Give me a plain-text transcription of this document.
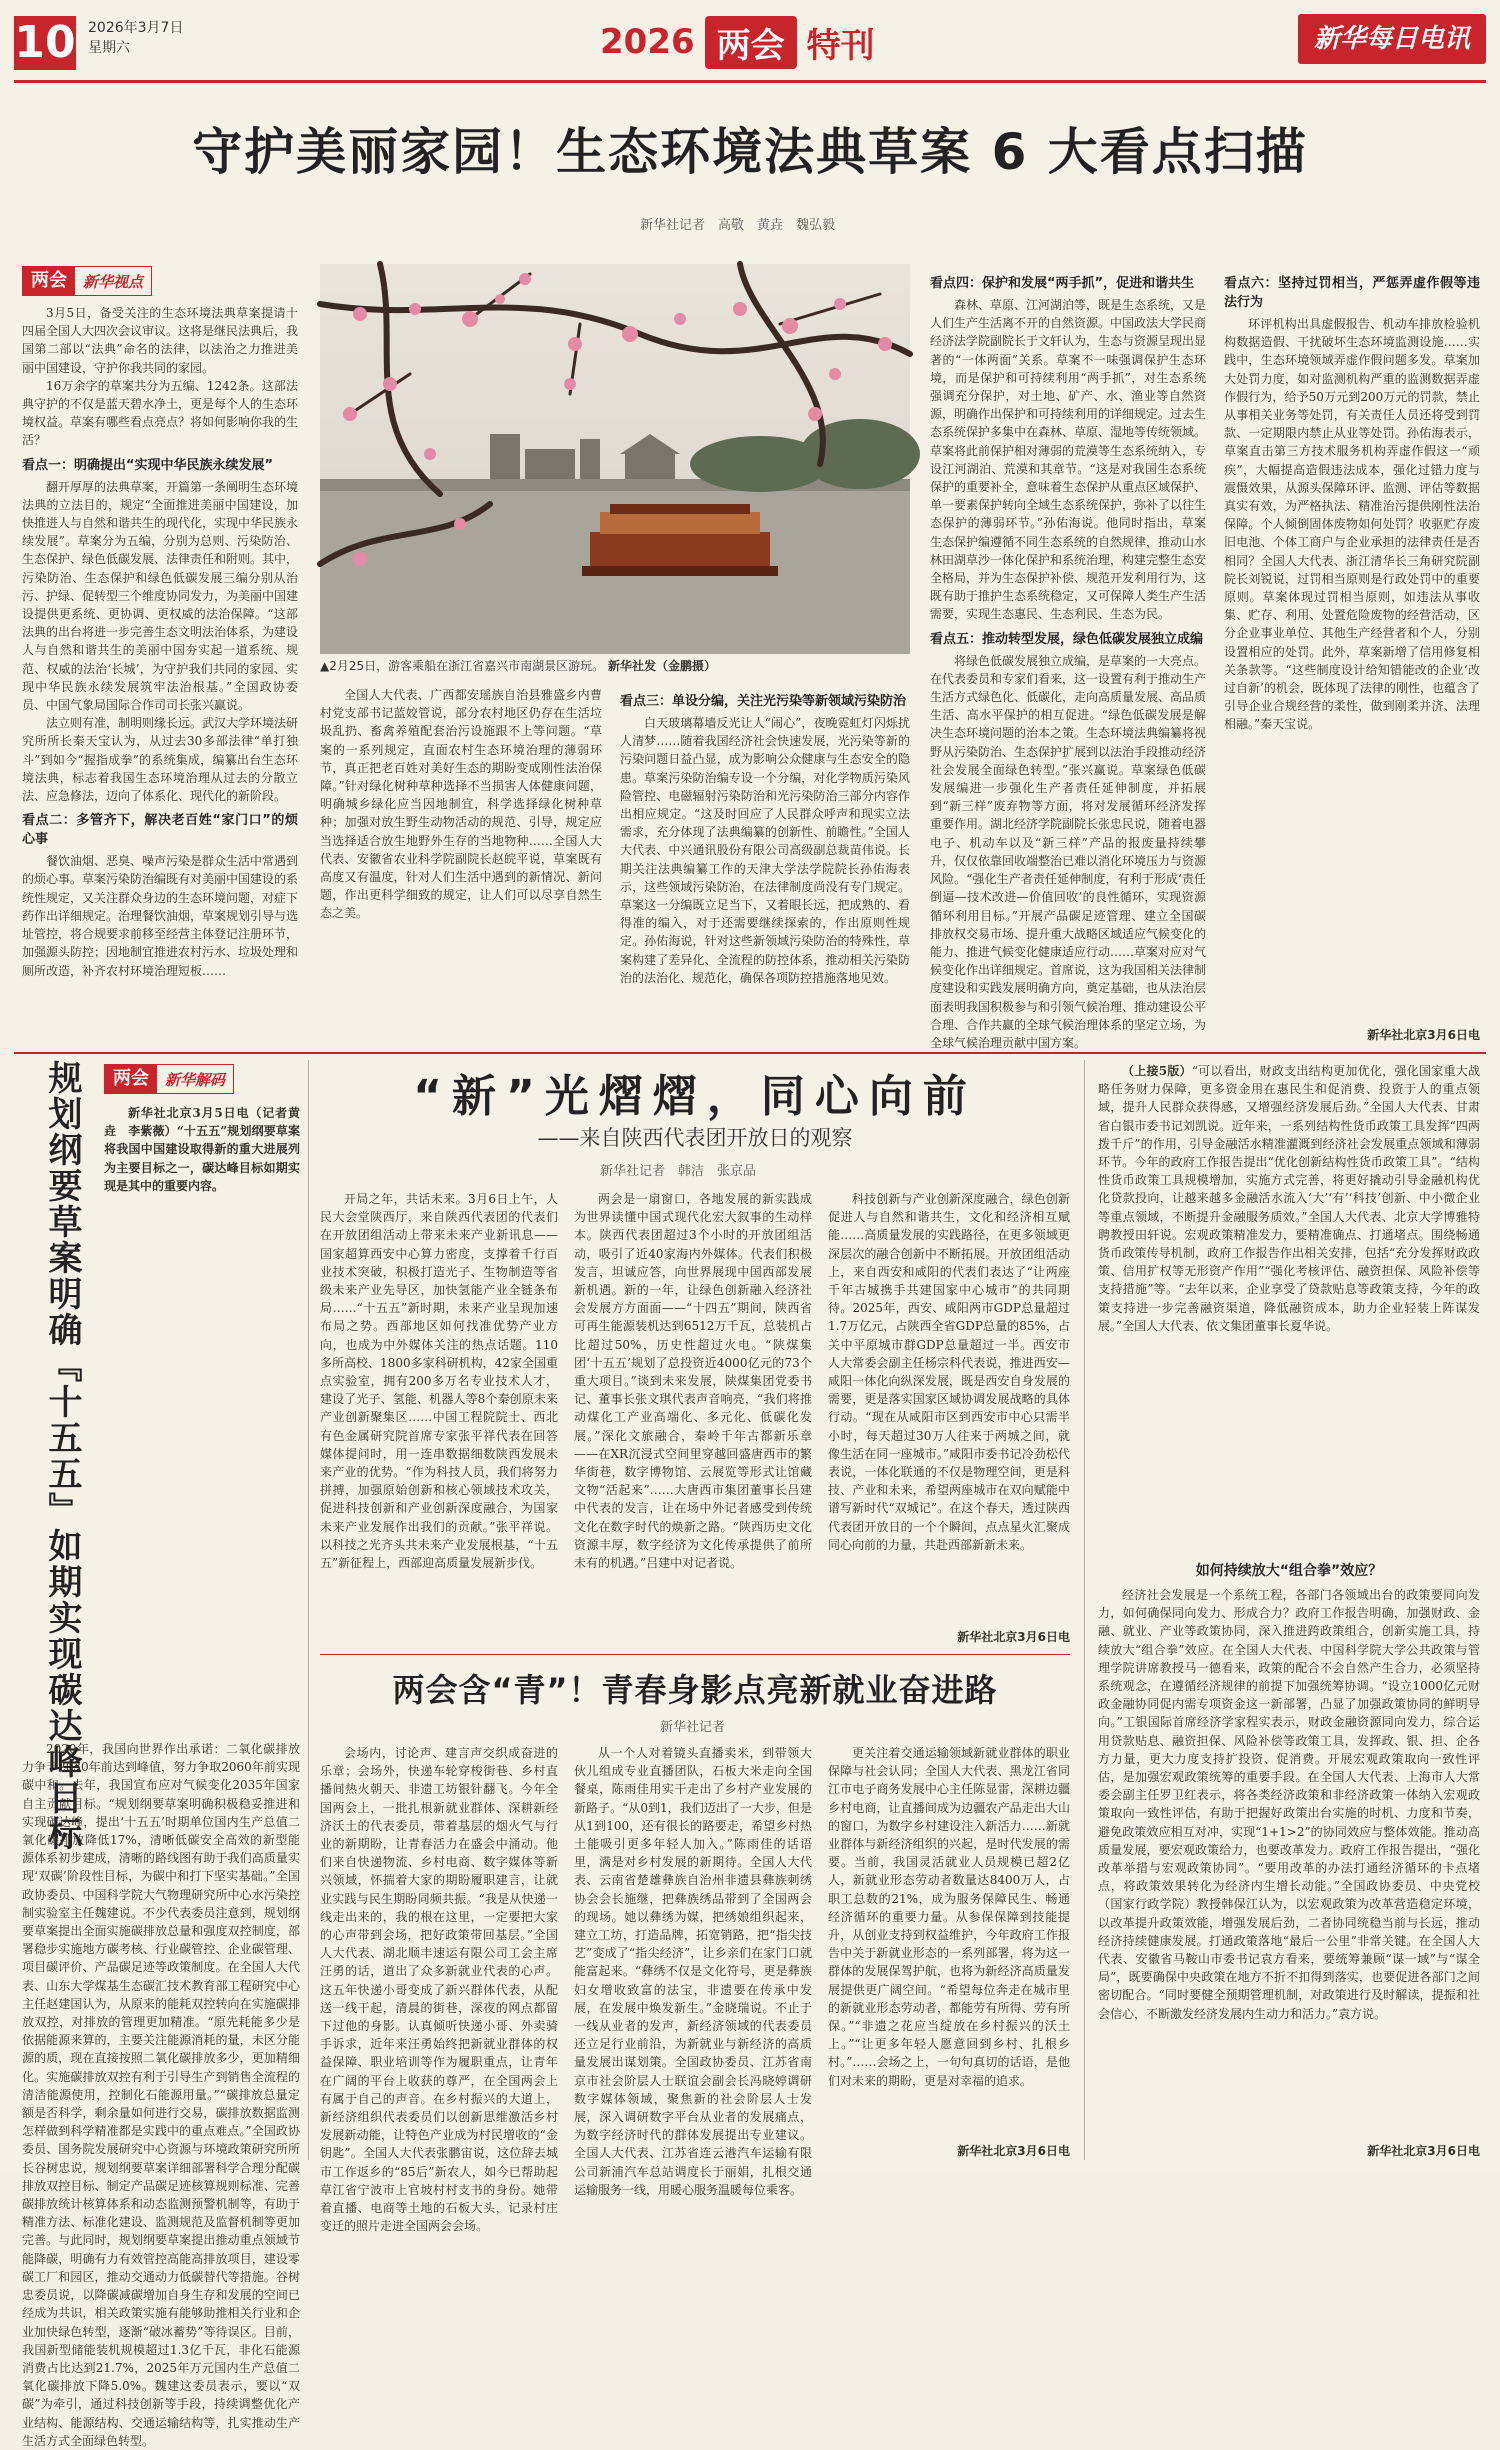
10 2026年3月7日
星期六	2026 两会 特刊	新华每日电讯
守护美丽家园！生态环境法典草案 6 大看点扫描
新华社记者　高敬　黄垚　魏弘毅
两会	新华视点

3月5日，备受关注的生态环境法典草案提请十四届全国人大四次会议审议。这将是继民法典后，我国第二部以“法典”命名的法律，以法治之力推进美丽中国建设，守护你我共同的家园。

16万余字的草案共分为五编、1242条。这部法典守护的不仅是蓝天碧水净土，更是每个人的生态环境权益。草案有哪些看点亮点？将如何影响你我的生活？

看点一：明确提出“实现中华民族永续发展”

翻开厚厚的法典草案，开篇第一条阐明生态环境法典的立法目的，规定“全面推进美丽中国建设，加快推进人与自然和谐共生的现代化，实现中华民族永续发展”。草案分为五编，分别为总则、污染防治、生态保护、绿色低碳发展、法律责任和附则。其中，污染防治、生态保护和绿色低碳发展三编分别从治污、护绿、促转型三个维度协同发力，为美丽中国建设提供更系统、更协调、更权威的法治保障。“这部法典的出台将进一步完善生态文明法治体系，为建设人与自然和谐共生的美丽中国夯实起一道系统、规范、权威的法治‘长城’，为守护我们共同的家园、实现中华民族永续发展筑牢法治根基。”全国政协委员、中国气象局国际合作司司长张兴赢说。

法立则有准，制明则缘长远。武汉大学环境法研究所所长秦天宝认为，从过去30多部法律“单打独斗”到如今“握指成拳”的系统集成，编纂出台生态环境法典，标志着我国生态环境治理从过去的分散立法、应急修法，迈向了体系化、现代化的新阶段。

看点二：多管齐下，解决老百姓“家门口”的烦心事

餐饮油烟、恶臭、噪声污染是群众生活中常遇到的烦心事。草案污染防治编既有对美丽中国建设的系统性规定，又关注群众身边的生态环境问题，对症下药作出详细规定。治理餐饮油烟，草案规划引导与选址管控，将合规要求前移至经营主体登记注册环节，加强源头防控；因地制宜推进农村污水、垃圾处理和厕所改造，补齐农村环境治理短板……

▲2月25日，游客乘船在浙江省嘉兴市南湖景区游玩。 新华社发（金鹏摄）

全国人大代表、广西都安瑶族自治县雅盛乡内曹村党支部书记蓝姣管说，部分农村地区仍存在生活垃圾乱扔、畜禽养殖配套治污设施跟不上等问题。“草案的一系列规定，直面农村生态环境治理的薄弱环节，真正把老百姓对美好生态的期盼变成刚性法治保障。”针对绿化树种草种选择不当损害人体健康问题，明确城乡绿化应当因地制宜，科学选择绿化树种草种；加强对放生野生动物活动的规范、引导，规定应当选择适合放生地野外生存的当地物种……全国人大代表、安徽省农业科学院副院长赵皖平说，草案既有高度又有温度，针对人们生活中遇到的新情况、新问题，作出更科学细致的规定，让人们可以尽享自然生态之美。

看点三：单设分编，关注光污染等新领域污染防治

白天玻璃幕墙反光让人“闹心”，夜晚霓虹灯闪烁扰人清梦……随着我国经济社会快速发展，光污染等新的污染问题日益凸显，成为影响公众健康与生态安全的隐患。草案污染防治编专设一个分编，对化学物质污染风险管控、电磁辐射污染防治和光污染防治三部分内容作出相应规定。“这及时回应了人民群众呼声和现实立法需求，充分体现了法典编纂的创新性、前瞻性。”全国人大代表、中兴通讯股份有限公司高级副总裁苗伟说。长期关注法典编纂工作的天津大学法学院院长孙佑海表示，这些领域污染防治，在法律制度尚没有专门规定。草案这一分编既立足当下，又着眼长远，把成熟的、看得准的编入，对于还需要继续探索的，作出原则性规定。孙佑海说，针对这些新领域污染防治的特殊性，草案构建了差异化、全流程的防控体系，推动相关污染防治的法治化、规范化，确保各项防控措施落地见效。

看点四：保护和发展“两手抓”，促进和谐共生

森林、草原、江河湖泊等，既是生态系统，又是人们生产生活离不开的自然资源。中国政法大学民商经济法学院副院长于文轩认为，生态与资源呈现出显著的“一体两面”关系。草案不一味强调保护生态环境，而是保护和可持续利用“两手抓”，对生态系统强调充分保护，对土地、矿产、水、渔业等自然资源，明确作出保护和可持续利用的详细规定。过去生态系统保护多集中在森林、草原、湿地等传统领域。草案将此前保护相对薄弱的荒漠等生态系统纳入，专设江河湖泊、荒漠和其章节。“这是对我国生态系统保护的重要补全，意味着生态保护从重点区域保护、单一要素保护转向全域生态系统保护，弥补了以往生态保护的薄弱环节。”孙佑海说。他同时指出，草案生态保护编遵循不同生态系统的自然规律，推动山水林田湖草沙一体化保护和系统治理，构建完整生态安全格局，并为生态保护补偿、规范开发利用行为，这既有助于推护生态系统稳定，又可保障人类生产生活需要，实现生态惠民、生态利民、生态为民。

看点五：推动转型发展，绿色低碳发展独立成编

将绿色低碳发展独立成编，是草案的一大亮点。在代表委员和专家们看来，这一设置有利于推动生产生活方式绿色化、低碳化，走向高质量发展、高品质生活、高水平保护的相互促进。“绿色低碳发展是解决生态环境问题的治本之策。生态环境法典编纂将视野从污染防治、生态保护扩展到以法治手段推动经济社会发展全面绿色转型。”张兴赢说。草案绿色低碳发展编进一步强化生产者责任延伸制度，并拓展到“新三样”废弃物等方面，将对发展循环经济发挥重要作用。湖北经济学院副院长张忠民说，随着电器电子、机动车以及“新三样”产品的报废量持续攀升，仅仅依靠回收端整治已难以消化环境压力与资源风险。“强化生产者责任延伸制度，有利于形成‘责任倒逼—技术改进—价值回收’的良性循环，实现资源循环利用目标。”开展产品碳足迹管理、建立全国碳排放权交易市场、提升重大战略区域适应气候变化的能力、推进气候变化健康适应行动……草案对应对气候变化作出详细规定。首席说，这为我国相关法律制度建设和实践发展明确方向，奠定基础，也从法治层面表明我国积极参与和引领气候治理、推动建设公平合理、合作共赢的全球气候治理体系的坚定立场，为全球气候治理贡献中国方案。

看点六：坚持过罚相当，严惩弄虚作假等违法行为

环评机构出具虚假报告、机动车排放检验机构数据造假、干扰破坏生态环境监测设施……实践中，生态环境领域弄虚作假问题多发。草案加大处罚力度，如对监测机构严重的监测数据弄虚作假行为，给予50万元到200万元的罚款，禁止从事相关业务等处罚，有关责任人员还将受到罚款、一定期限内禁止从业等处罚。孙佑海表示，草案直击第三方技术服务机构弄虚作假这一“顽疾”，大幅提高造假违法成本，强化过错力度与震慑效果，从源头保障环评、监测、评估等数据真实有效，为严格执法、精准治污提供刚性法治保障。个人倾倒固体废物如何处罚？收驱贮存废旧电池、个体工商户与企业承担的法律责任是否相同？全国人大代表、浙江清华长三角研究院副院长刘锐说，过罚相当原则是行政处罚中的重要原则。草案体现过罚相当原则，如违法从事收集、贮存、利用、处置危险废物的经营活动，区分企业事业单位、其他生产经营者和个人，分别设置相应的处罚。此外，草案新增了信用修复相关条款等。“这些制度设计给知错能改的企业‘改过自新’的机会，既体现了法律的刚性，也蕴含了引导企业合规经营的柔性，做到刚柔并济、法理相融。”秦天宝说。

新华社北京3月6日电
两会	新华解码
规划纲要草案明确『十五五』如期实现碳达峰目标	新华社北京3月5日电（记者黄垚　李紫薇）“十五五”规划纲要草案将我国中国建设取得新的重大进展列为主要目标之一，碳达峰目标如期实现是其中的重要内容。

2020年，我国向世界作出承诺：二氧化碳排放力争于2030年前达到峰值，努力争取2060年前实现碳中和。去年，我国宣布应对气候变化2035年国家自主贡献目标。“规划纲要草案明确积极稳妥推进和实现碳达峰，提出‘十五五’时期单位国内生产总值二氧化碳排放降低17%，清晰低碳安全高效的新型能源体系初步建成，清晰的路线图有助于我们高质量实现‘双碳’阶段性目标，为碳中和打下坚实基础。”全国政协委员、中国科学院大气物理研究所中心水污染控制实验室主任魏建说。不少代表委员注意到，规划纲要草案提出全面实施碳排放总量和强度双控制度，部署稳步实施地方碳考核、行业碳管控、企业碳管理、项目碳评价、产品碳足迹等政策制度。在全国人大代表、山东大学煤基生态碳汇技术教育部工程研究中心主任赵建国认为，从原来的能耗双控转向在实施碳排放双控，对排放的管理更加精准。“原先耗能多少是依据能源来算的，主要关注能源消耗的量，未区分能源的质，现在直接按照二氧化碳排放多少，更加精细化。实施碳排放双控有利于引导生产到销售全流程的清洁能源使用，控制化石能源用量。”“碳排放总量定额是否科学，剩余量如何进行交易，碳排放数据监测怎样做到科学精准都是实践中的重点难点。”全国政协委员、国务院发展研究中心资源与环境政策研究所所长谷树忠说，规划纲要草案详细部署科学合理分配碳排放双控目标、制定产品碳足迹核算规则标准、完善碳排放统计核算体系和动态监测预警机制等，有助于精准方法、标准化建设、监测规范及监督机制等更加完善。与此同时，规划纲要草案提出推动重点领域节能降碳，明确有力有效管控高能高排放项目，建设零碳工厂和园区，推动交通动力低碳替代等措施。谷树忠委员说，以降碳减碳增加自身生存和发展的空间已经成为共识，相关政策实施有能够助推相关行业和企业加快绿色转型，逐渐“破冰蓄势”等待误区。目前，我国新型储能装机规模超过1.3亿千瓦，非化石能源消费占比达到21.7%，2025年万元国内生产总值二氧化碳排放下降5.0%。魏建这委员表示，要以“双碳”为牵引，通过科技创新等手段，持续调整优化产业结构、能源结构、交通运输结构等，扎实推动生产生活方式全面绿色转型。

“新”光熠熠，同心向前
——来自陕西代表团开放日的观察
新华社记者　韩洁　张京品

开局之年，共话未来。3月6日上午，人民大会堂陕西厅，来自陕西代表团的代表们在开放团组活动上带来未来产业新讯息——国家超算西安中心算力密度，支撑着千行百业技术突破，积极打造光子、生物制造等省级未来产业先导区，加快氢能产业全链条布局……“十五五”新时期，未来产业呈现加速布局之势。西部地区如何找准优势产业方向，也成为中外媒体关注的热点话题。110多所高校、1800多家科研机构，42家全国重点实验室，拥有200多万名专业技术人才，建设了光子、氢能、机器人等8个秦创原未来产业创新聚集区……中国工程院院士、西北有色金属研究院首席专家张平祥代表在回答媒体提问时，用一连串数据细数陕西发展未来产业的优势。“作为科技人员，我们将努力拼搏，加强原始创新和核心领域技术攻关，促进科技创新和产业创新深度融合，为国家未来产业发展作出我们的贡献。”张平祥说。以科技之光齐头共未来产业发展根基，“十五五”新征程上，西部迎高质量发展新步伐。

两会是一扇窗口，各地发展的新实践成为世界读懂中国式现代化宏大叙事的生动样本。陕西代表团超过3个小时的开放团组活动，吸引了近40家海内外媒体。代表们积极发言，坦诚应答，向世界展现中国西部发展新机遇。新的一年，让绿色创新融入经济社会发展方方面面——“十四五”期间，陕西省可再生能源装机达到6512万千瓦，总装机占比超过50%，历史性超过火电。“陕煤集团‘十五五’规划了总投资近4000亿元的73个重大项目。”谈到未来发展，陕煤集团党委书记、董事长张文琪代表声音响亮，“我们将推动煤化工产业高端化、多元化、低碳化发展。”深化文旅融合，秦岭千年古都新乐章——在XR沉浸式空间里穿越回盛唐西市的繁华街巷，数字博物馆、云展览等形式让馆藏文物“活起来”……大唐西市集团董事长吕建中代表的发言，让在场中外记者感受到传统文化在数字时代的焕新之路。“陕西历史文化资源丰厚，数字经济为文化传承提供了前所未有的机遇。”吕建中对记者说。

科技创新与产业创新深度融合，绿色创新促进人与自然和谐共生，文化和经济相互赋能……高质量发展的实践路径，在更多领域更深层次的融合创新中不断拓展。开放团组活动上，来自西安和咸阳的代表们表达了“让两座千年古城携手共建国家中心城市”的共同期待。2025年，西安、咸阳两市GDP总量超过1.7万亿元，占陕西全省GDP总量的85%，占关中平原城市群GDP总量超过一半。西安市人大常委会副主任杨宗科代表说，推进西安—咸阳一体化向纵深发展，既是西安自身发展的需要，更是落实国家区域协调发展战略的具体行动。“现在从咸阳市区到西安市中心只需半小时，每天超过30万人往来于两城之间，就像生活在同一座城市。”咸阳市委书记冷劲松代表说，一体化联通的不仅是物理空间，更是科技、产业和未来，希望两座城市在双向赋能中谱写新时代“双城记”。在这个春天，透过陕西代表团开放日的一个个瞬间，点点星火汇聚成同心向前的力量，共赴西部新新未来。

新华社北京3月6日电
两会含“青”！青春身影点亮新就业奋进路
新华社记者

会场内，讨论声、建言声交织成奋进的乐章；会场外，快递车轮穿梭街巷、乡村直播间热火朝天、非遗工坊银针翻飞。今年全国两会上，一批扎根新就业群体、深耕新经济沃土的代表委员，带着基层的烟火气与行业的新期盼，让青春活力在盛会中涌动。他们来自快递物流、乡村电商、数字媒体等新兴领域，怀揣着大家的期盼履职建言，让就业实践与民生期盼同频共振。“我是从快递一线走出来的，我的根在这里，一定要把大家的心声带到会场，把好政策带回基层。”全国人大代表、湖北顺丰速运有限公司工会主席汪勇的话，道出了众多新就业代表的心声。这五年快递小哥变成了新兴群体代表，从配送一线干起，清晨的街巷，深夜的网点都留下过他的身影。认真倾听快递小哥、外卖骑手诉求，近年来汪勇始终把新就业群体的权益保障、职业培训等作为履职重点，让青年在广阔的平台上收获的尊严，在全国两会上有属于自己的声音。在乡村振兴的大道上，新经济组织代表委员们以创新思维激活乡村发展新动能，让特色产业成为村民增收的“金钥匙”。全国人大代表张鹏宙说，这位辞去城市工作返乡的“85后”新农人，如今已帮助起草江省宁波市上官坡村村支书的身份。她带着直播、电商等土地的石板大头，记录村庄变迁的照片走进全国两会会场。

从一个人对着镜头直播卖米，到带领大伙儿组成专业直播团队，石板大米走向全国餐桌，陈雨佳用实干走出了乡村产业发展的新路子。“从0到1，我们迈出了一大步，但是从1到100，还有很长的路要走，希望乡村热土能吸引更多年轻人加入。”陈雨佳的话语里，满是对乡村发展的新期待。全国人大代表、云南省楚雄彝族自治州非遗县彝族刺绣协会会长施继，把彝族绣品带到了全国两会的现场。她以彝绣为媒，把绣娘组织起来，建立工坊，打造品牌，拓宽销路，把“指尖技艺”变成了“指尖经济”，让乡亲们在家门口就能富起来。“彝绣不仅是文化符号，更是彝族妇女增收致富的法宝，非遗要在传承中发展，在发展中焕发新生。”金晓瑞说。不止于一线从业者的发声，新经济领域的代表委员还立足行业前沿，为新就业与新经济的高质量发展出谋划策。全国政协委员、江苏省南京市社会阶层人士联谊会副会长冯晓婷调研数字媒体领域，聚焦新的社会阶层人士发展，深入调研数字平台从业者的发展痛点，为数字经济时代的群体发展提出专业建议。全国人大代表、江苏省连云港汽车运输有限公司新浦汽车总站调度长于丽娟，扎根交通运输服务一线，用暖心服务温暖每位乘客。

更关注着交通运输领域新就业群体的职业保障与社会认同；全国人大代表、黑龙江省同江市电子商务发展中心主任陈显雷，深耕边疆乡村电商，让直播间成为边疆农产品走出大山的窗口，为数字乡村建设注入新活力……新就业群体与新经济组织的兴起，是时代发展的需要。当前，我国灵活就业人员规模已超2亿人，新就业形态劳动者数量达8400万人，占职工总数的21%，成为服务保障民生、畅通经济循环的重要力量。从参保保障到技能提升，从创业支持到权益维护，今年政府工作报告中关于新就业形态的一系列部署，将为这一群体的发展保驾护航，也将为新经济高质量发展提供更广阔空间。“希望每位奔走在城市里的新就业形态劳动者，都能劳有所得、劳有所保。”“非遗之花应当绽放在乡村振兴的沃土上。”“让更多年轻人愿意回到乡村、扎根乡村。”……会场之上，一句句真切的话语，是他们对未来的期盼，更是对幸福的追求。

新华社北京3月6日电

（上接5版）“可以看出，财政支出结构更加优化，强化国家重大战略任务财力保障，更多资金用在惠民生和促消费、投资于人的重点领域，提升人民群众获得感，又增强经济发展后劲。”全国人大代表、甘肃省白银市委书记刘凯说。近年来，一系列结构性货币政策工具发挥“四两拨千斤”的作用，引导金融活水精准灌溉到经济社会发展重点领域和薄弱环节。今年的政府工作报告提出“优化创新结构性货币政策工具”。“结构性货币政策工具规模增加，实施方式完善，将更好撬动引导金融机构优化贷款投向，让越来越多金融活水流入‘大’‘有’‘科技’创新、中小微企业等重点领域，不断提升金融服务质效。”全国人大代表、北京大学博雅特聘教授田轩说。宏观政策精准发力，要精准确点、打通堵点。围绕畅通货币政策传导机制，政府工作报告作出相关安排，包括“充分发挥财政政策、信用扩权等无形资产作用”“强化考核评估、融资担保、风险补偿等支持措施”等。“去年以来，企业享受了贷款贴息等政策支持，今年的政策支持进一步完善融资渠道，降低融资成本，助力企业轻装上阵谋发展。”全国人大代表、依文集团董事长夏华说。

如何持续放大“组合拳”效应？

经济社会发展是一个系统工程，各部门各领域出台的政策要同向发力，如何确保同向发力、形成合力？政府工作报告明确，加强财政、金融、就业、产业等政策协同，深入推进跨政策组合，创新实施工具，持续放大“组合拳”效应。在全国人大代表、中国科学院大学公共政策与管理学院讲席教授马一德看来，政策的配合不会自然产生合力，必须坚持系统观念，在遵循经济规律的前提下加强统筹协调。“设立1000亿元财政金融协同促内需专项资金这一新部署，凸显了加强政策协同的鲜明导向。”工银国际首席经济学家程实表示，财政金融资源同向发力，综合运用贷款贴息、融资担保、风险补偿等政策工具，发挥政、银、担、企各方力量，更大力度支持扩投资、促消费。开展宏观政策取向一致性评估，是加强宏观政策统筹的重要手段。在全国人大代表、上海市人大常委会副主任罗卫红表示，将各类经济政策和非经济政策一体纳入宏观政策取向一致性评估，有助于把握好政策出台实施的时机、力度和节奏，避免政策效应相互对冲，实现“1+1>2”的协同效应与整体效能。推动高质量发展，要宏观政策给力，也要改革发力。政府工作报告提出，“强化改革举措与宏观政策协同”。“要用改革的办法打通经济循环的卡点堵点，将政策效果转化为经济内生增长动能。”全国政协委员、中央党校（国家行政学院）教授韩保江认为，以宏观政策为改革营造稳定环境，以改革提升政策效能，增强发展后劲，二者协同统稳当前与长远，推动经济持续健康发展。打通政策落地“最后一公里”非常关键。在全国人大代表、安徽省马鞍山市委书记袁方看来，要统筹兼顾“谋一域”与“谋全局”，既要确保中央政策在地方不折不扣得到落实，也要促进各部门之间密切配合。“同时要健全预期管理机制，对政策进行及时解读，提振和社会信心，不断激发经济发展内生动力和活力。”袁方说。

新华社北京3月6日电
